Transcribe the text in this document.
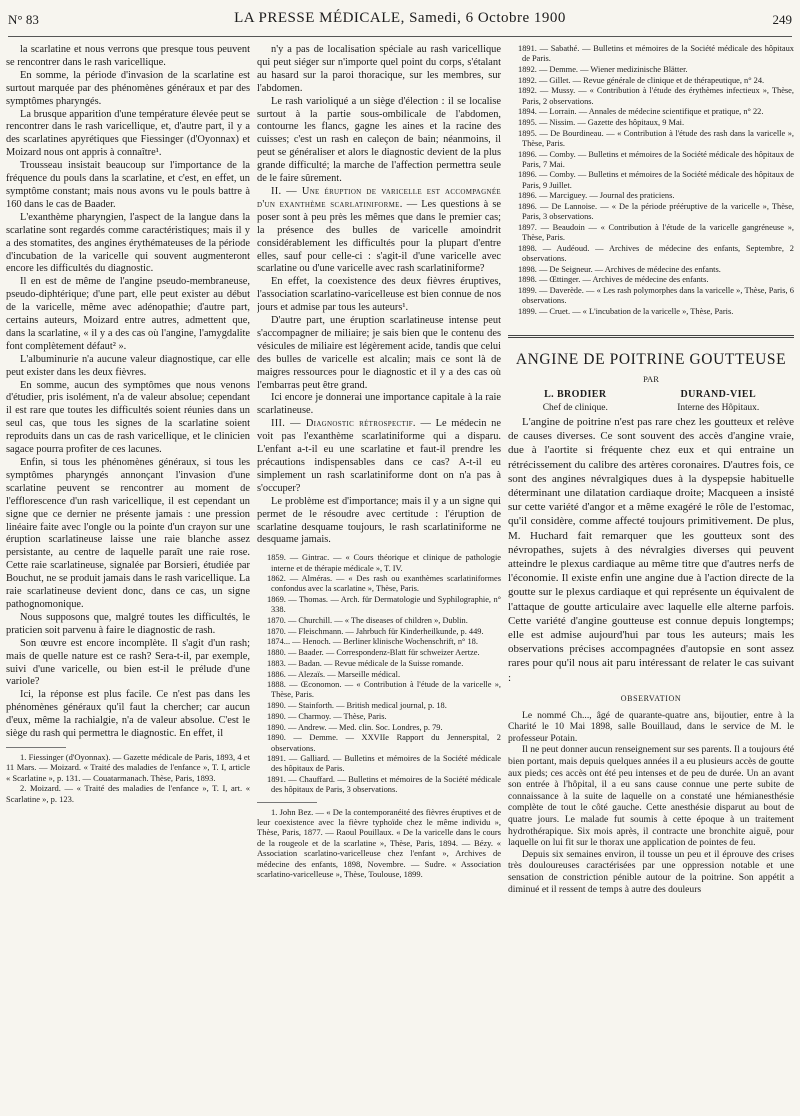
N° 83	LA PRESSE MÉDICALE, Samedi, 6 Octobre 1900	249

la scarlatine et nous verrons que presque tous peuvent se rencontrer dans le rash varicellique.

En somme, la période d'invasion de la scarlatine est surtout marquée par des phénomènes généraux et par des symptômes pharyngés.

La brusque apparition d'une température élevée peut se rencontrer dans le rash varicellique, et, d'autre part, il y a des scarlatines apyrétiques que Fiessinger (d'Oyonnax) et Moizard nous ont appris à connaître¹.

Trousseau insistait beaucoup sur l'importance de la fréquence du pouls dans la scarlatine, et c'est, en effet, un symptôme constant; mais nous avons vu le pouls battre à 160 dans le cas de Baader.

L'exanthème pharyngien, l'aspect de la langue dans la scarlatine sont regardés comme caractéristiques; mais il y a des stomatites, des angines érythémateuses de la période d'incubation de la varicelle qui souvent augmenteront encore les difficultés du diagnostic.

Il en est de même de l'angine pseudo-membraneuse, pseudo-diphtérique; d'une part, elle peut exister au début de la varicelle, même avec adénopathie; d'autre part, certains auteurs, Moizard entre autres, admettent que, dans la scarlatine, « il y a des cas où l'angine, l'amygdalite font complètement défaut² ».

L'albuminurie n'a aucune valeur diagnostique, car elle peut exister dans les deux fièvres.

En somme, aucun des symptômes que nous venons d'étudier, pris isolément, n'a de valeur absolue; cependant il est rare que toutes les difficultés soient réunies dans un seul cas, que tous les signes de la scarlatine soient reproduits dans un cas de rash varicellique, et le clinicien sagace pourra profiter de ces lacunes.

Enfin, si tous les phénomènes généraux, si tous les symptômes pharyngés annonçant l'invasion d'une scarlatine peuvent se rencontrer au moment de l'efflorescence d'un rash varicellique, il est cependant un signe que ce dernier ne présente jamais : une pression linéaire faite avec l'ongle ou la pointe d'un crayon sur une éruption scarlatineuse laisse une raie blanche assez persistante, au centre de laquelle paraît une raie rose. Cette raie scarlatineuse, signalée par Borsieri, étudiée par Bouchut, ne se produit jamais dans le rash varicellique. La raie scarlatineuse devient donc, dans ce cas, un signe pathognomonique.

Nous supposons que, malgré toutes les difficultés, le praticien soit parvenu à faire le diagnostic de rash.

Son œuvre est encore incomplète. Il s'agit d'un rash; mais de quelle nature est ce rash? Sera-t-il, par exemple, suivi d'une varicelle, ou bien est-il le prélude d'une variole?

Ici, la réponse est plus facile. Ce n'est pas dans les phénomènes généraux qu'il faut la chercher; car aucun d'eux, même la rachialgie, n'a de valeur absolue. C'est le siège du rash qui permettra le diagnostic. En effet, il

1. Fiessinger (d'Oyonnax). — Gazette médicale de Paris, 1893, 4 et 11 Mars. — Moizard. « Traité des maladies de l'enfance », T. I, article « Scarlatine », p. 131. — Couatarmanach. Thèse, Paris, 1893.

2. Moizard. — « Traité des maladies de l'enfance », T. I, art. « Scarlatine », p. 123.

n'y a pas de localisation spéciale au rash varicellique qui peut siéger sur n'importe quel point du corps, s'étalant au hasard sur la paroi thoracique, sur les membres, sur l'abdomen.

Le rash varioliqué a un siège d'élection : il se localise surtout à la partie sous-ombilicale de l'abdomen, contourne les flancs, gagne les aines et la racine des cuisses; c'est un rash en caleçon de bain; néanmoins, il peut se généraliser et alors le diagnostic devient de la plus grande difficulté; la marche de l'affection permettra seule de le faire sûrement.

II. — Une éruption de varicelle est accompagnée d'un exanthème scarlatiniforme. — Les questions à se poser sont à peu près les mêmes que dans le premier cas; la présence des bulles de varicelle amoindrit considérablement les difficultés pour la plupart d'entre elles, sauf pour celle-ci : s'agit-il d'une varicelle avec scarlatine ou d'une varicelle avec rash scarlatiniforme?

En effet, la coexistence des deux fièvres éruptives, l'association scarlatino-varicelleuse est bien connue de nos jours et admise par tous les auteurs¹.

D'autre part, une éruption scarlatineuse intense peut s'accompagner de miliaire; je sais bien que le contenu des vésicules de miliaire est légèrement acide, tandis que celui des bulles de varicelle est alcalin; mais ce sont là de maigres ressources pour le diagnostic et il y a des cas où l'embarras peut être grand.

Ici encore je donnerai une importance capitale à la raie scarlatineuse.

III. — Diagnostic rétrospectif. — Le médecin ne voit pas l'exanthème scarlatiniforme qui a disparu. L'enfant a-t-il eu une scarlatine et faut-il prendre les précautions indispensables dans ce cas? A-t-il eu simplement un rash scarlatiniforme dont on n'a pas à s'occuper?

Le problème est d'importance; mais il y a un signe qui permet de le résoudre avec certitude : l'éruption de scarlatine desquame toujours, le rash scarlatiniforme ne desquame jamais.

1859. — Gintrac. — « Cours théorique et clinique de pathologie interne et de thérapie médicale », T. IV.
1862. — Alméras. — « Des rash ou exanthèmes scarlatiniformes confondus avec la scarlatine », Thèse, Paris.
1869. — Thomas. — Arch. für Dermatologie und Syphilographie, n° 338.
1870. — Churchill. — « The diseases of children », Dublin.
1870. — Fleischmann. — Jahrbuch für Kinderheilkunde, p. 449.
1874... — Henoch. — Berliner klinische Wochenschrift, n° 18.
1880. — Baader. — Correspondenz-Blatt für schweizer Aertze.
1883. — Badan. — Revue médicale de la Suisse romande.
1886. — Alezaïs. — Marseille médical.
1888. — Œconomon. — « Contribution à l'étude de la varicelle », Thèse, Paris.
1890. — Stainforth. — British medical journal, p. 18.
1890. — Charmoy. — Thèse, Paris.
1890. — Andrew. — Med. clin. Soc. Londres, p. 79.
1890. — Demme. — XXVIIe Rapport du Jennerspital, 2 observations.
1891. — Galliard. — Bulletins et mémoires de la Société médicale des hôpitaux de Paris.
1891. — Chauffard. — Bulletins et mémoires de la Société médicale des hôpitaux de Paris, 3 observations.

1. John Bez. — « De la contemporanéité des fièvres éruptives et de leur coexistence avec la fièvre typhoïde chez le même individu », Thèse, Paris, 1877. — Raoul Pouillaux. « De la varicelle dans le cours de la rougeole et de la scarlatine », Thèse, Paris, 1894. — Bézy. « Association scarlatino-varicelleuse chez l'enfant », Archives de médecine des enfants, 1898, Novembre. — Sudre. « Association scarlatino-varicelleuse », Thèse, Toulouse, 1899.

1891. — Sabathé. — Bulletins et mémoires de la Société médicale des hôpitaux de Paris.
1892. — Demme. — Wiener medizinische Blätter.
1892. — Gillet. — Revue générale de clinique et de thérapeutique, n° 24.
1892. — Mussy. — « Contribution à l'étude des érythèmes infectieux », Thèse, Paris, 2 observations.
1894. — Lorrain. — Annales de médecine scientifique et pratique, n° 22.
1895. — Nissim. — Gazette des hôpitaux, 9 Mai.
1895. — De Bourdineau. — « Contribution à l'étude des rash dans la varicelle », Thèse, Paris.
1896. — Comby. — Bulletins et mémoires de la Société médicale des hôpitaux de Paris, 7 Mai.
1896. — Comby. — Bulletins et mémoires de la Société médicale des hôpitaux de Paris, 9 Juillet.
1896. — Marciguey. — Journal des praticiens.
1896. — De Lannoise. — « De la période prééruptive de la varicelle », Thèse, Paris, 3 observations.
1897. — Beaudoin — « Contribution à l'étude de la varicelle gangréneuse », Thèse, Paris.
1898. — Audéoud. — Archives de médecine des enfants, Septembre, 2 observations.
1898. — De Seigneur. — Archives de médecine des enfants.
1898. — Œttinger. — Archives de médecine des enfants.
1899. — Daverède. — « Les rash polymorphes dans la varicelle », Thèse, Paris, 6 observations.
1899. — Cruet. — « L'incubation de la varicelle », Thèse, Paris.
ANGINE DE POITRINE GOUTTEUSE
PAR
L. BRODIER
Chef de clinique.
DURAND-VIEL
Interne des Hôpitaux.

L'angine de poitrine n'est pas rare chez les goutteux et relève de causes diverses. Ce sont souvent des accès d'angine vraie, due à l'aortite si fréquente chez eux et qui entraine un rétrécissement du calibre des artères coronaires. D'autres fois, ce sont des angines névralgiques dues à la dyspepsie habituelle déterminant une dilatation cardiaque droite; Macqueen a insisté sur cette variété d'angor et a même exagéré le rôle de l'estomac, qu'il considère, comme affecté toujours primitivement. De plus, M. Huchard fait remarquer que les goutteux sont des névropathes, sujets à des névralgies diverses qui peuvent atteindre le plexus cardiaque au même titre que d'autres nerfs de l'économie. Il existe enfin une angine due à l'action directe de la goutte sur le plexus cardiaque et qui représente un équivalent de l'attaque de goutte articulaire avec laquelle elle alterne parfois. Cette variété d'angine goutteuse est connue depuis longtemps; elle est admise aujourd'hui par tous les auteurs; mais les observations précises accompagnées d'autopsie en sont assez rares pour qu'il nous ait paru intéressant de relater le cas suivant :

OBSERVATION

Le nommé Ch..., âgé de quarante-quatre ans, bijoutier, entre à la Charité le 10 Mai 1898, salle Bouillaud, dans le service de M. le professeur Potain.

Il ne peut donner aucun renseignement sur ses parents. Il a toujours été bien portant, mais depuis quelques années il a eu plusieurs accès de goutte aux pieds; ces accès ont été peu intenses et de peu de durée. Un an avant son entrée à l'hôpital, il a eu sans cause connue une perte subite de connaissance à la suite de laquelle on a constaté une hémianesthésie complète de tout le côté gauche. Cette anesthésie disparut au bout de quatre jours. Le malade fut soumis à cette époque à un traitement hydrothérapique. Six mois après, il contracte une bronchite aiguë, pour laquelle on lui fit sur le thorax une application de pointes de feu.

Depuis six semaines environ, il tousse un peu et il éprouve des crises très douloureuses caractérisées par une oppression notable et une sensation de constriction pénible autour de la poitrine. Son appétit a diminué et il ressent de temps à autre des douleurs
